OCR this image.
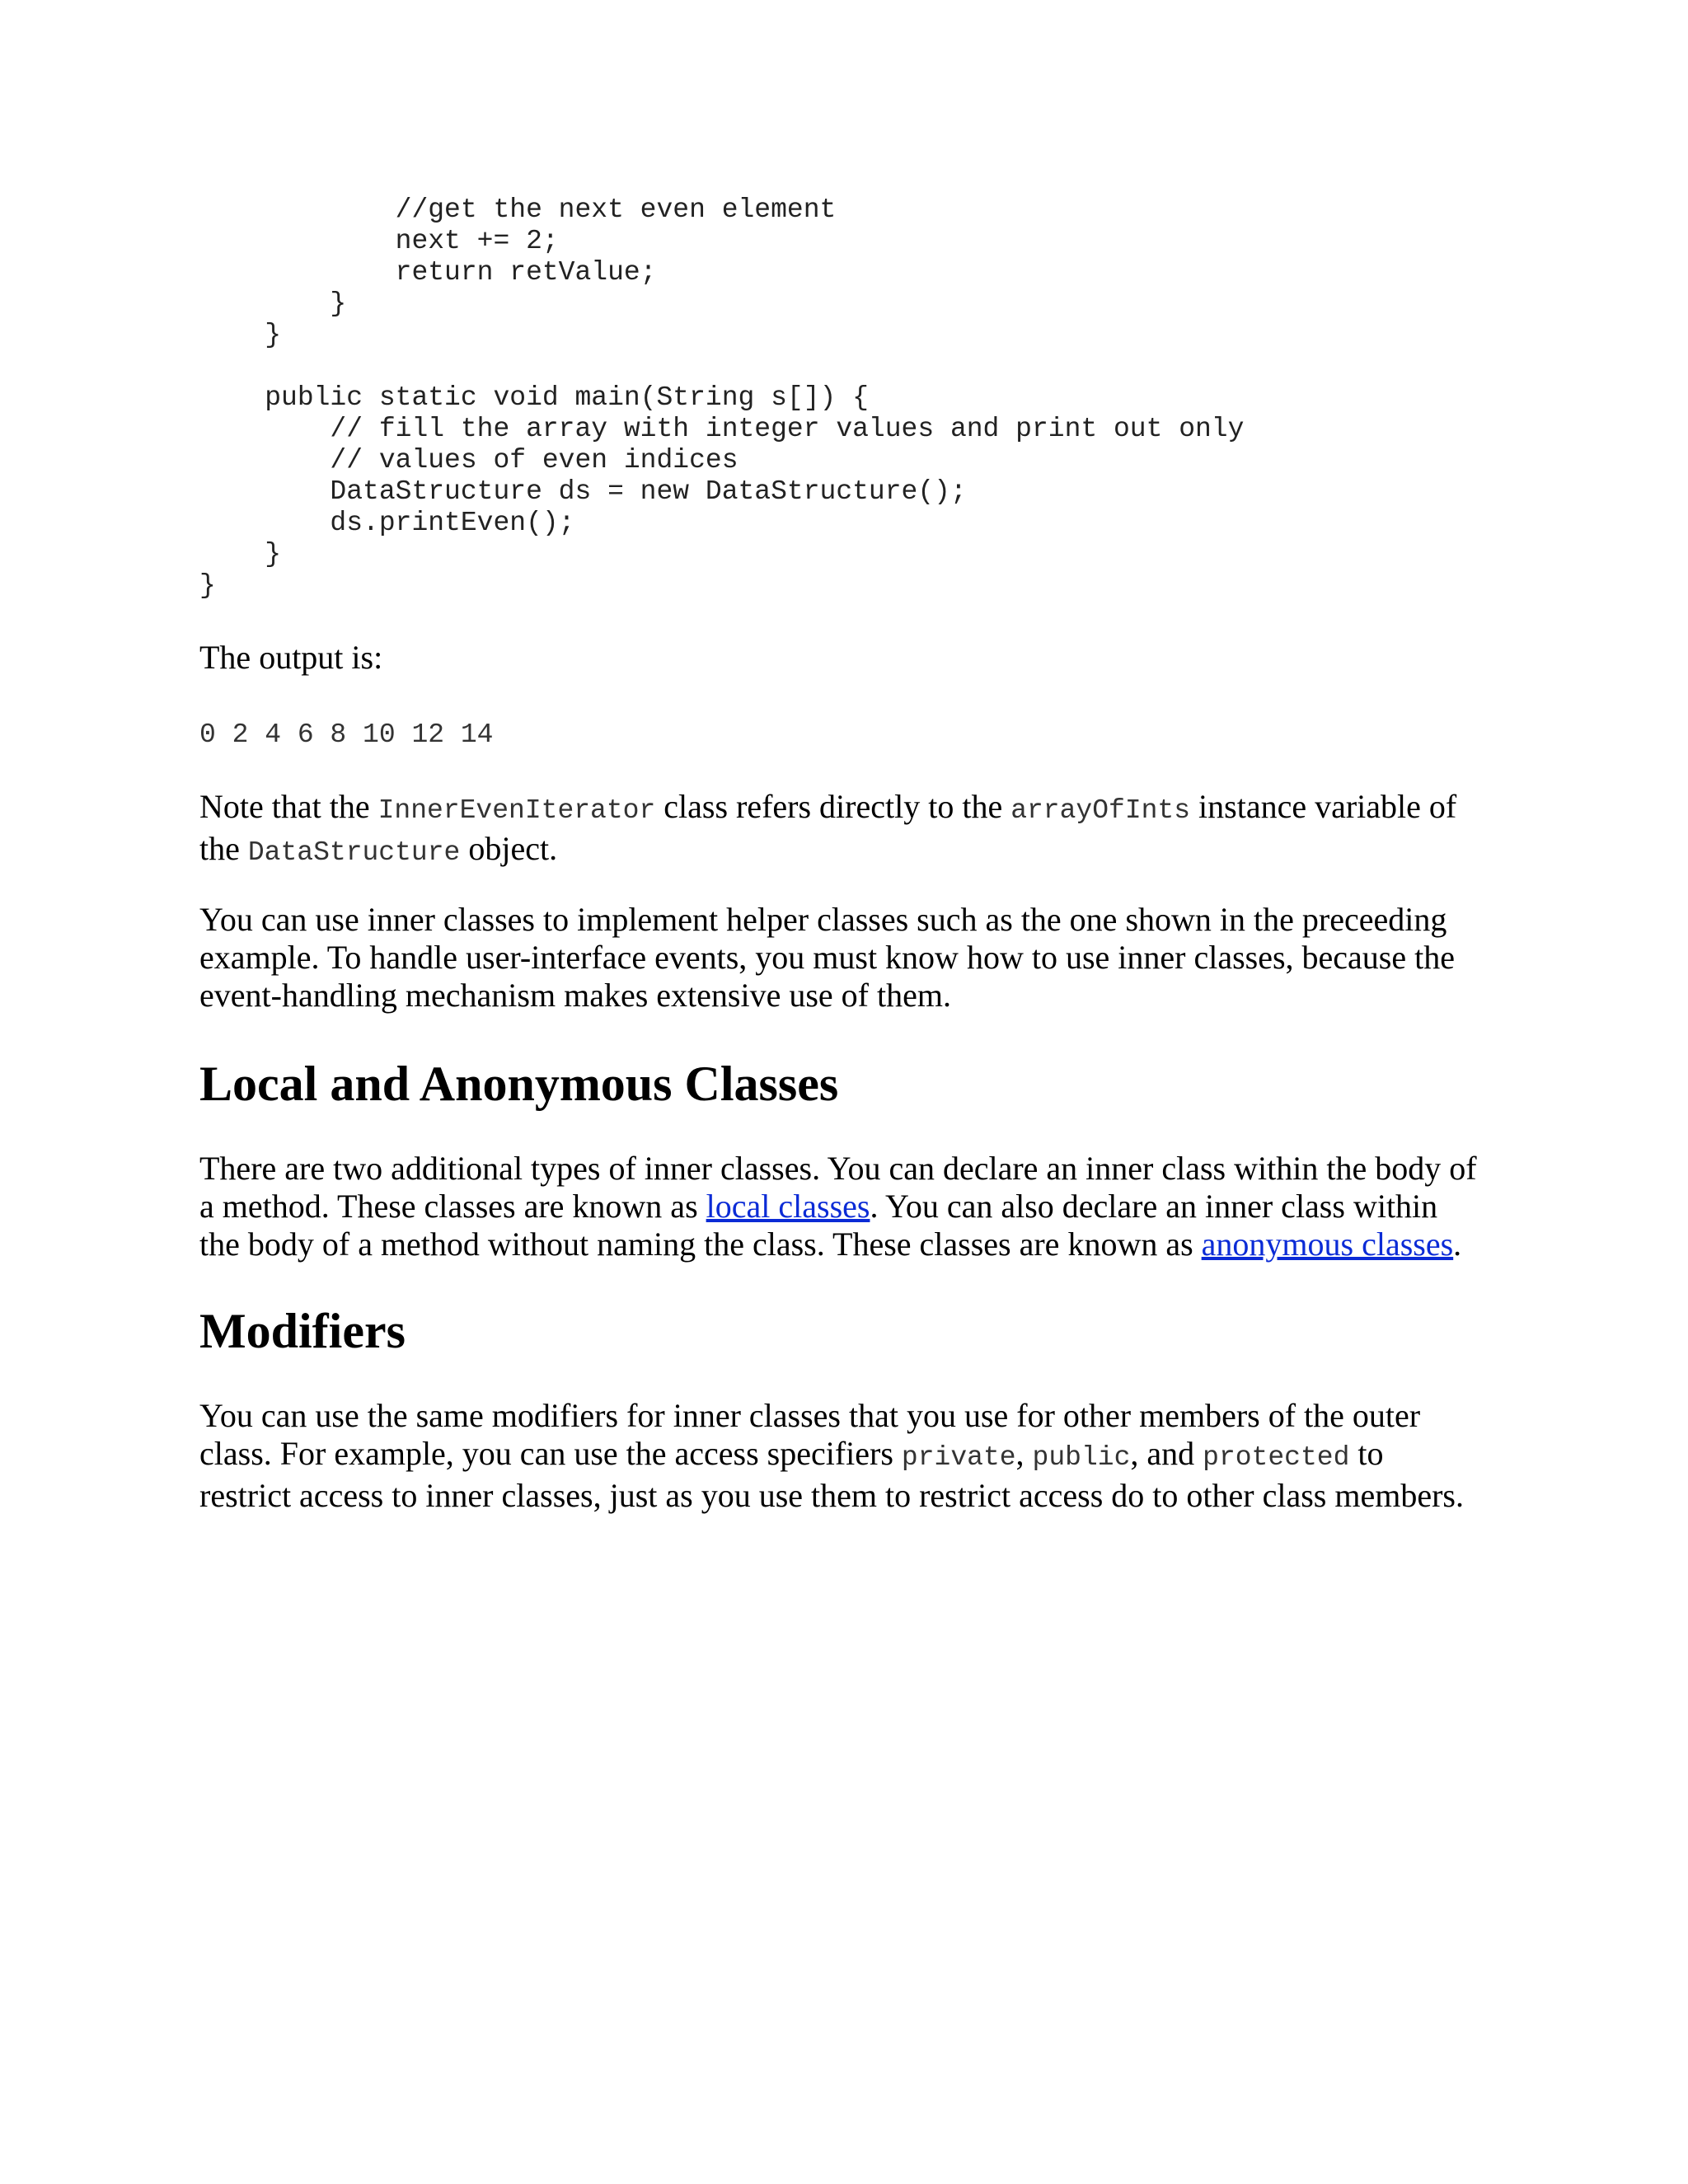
//get the next even element
next += 2;
return retValue;
}
}
public static void main(String s[]) {
// fill the array with integer values and print out only
// values of even indices
DataStructure ds = new DataStructure();
ds.printEven();
}
}

The output is:

0 2 4 6 8 10 12 14
Note that the InnerEvenIterator class refers directly to the arrayOfInts instance variable of
the DataStructure object.
You can use inner classes to implement helper classes such as the one shown in the preceeding
example. To handle user-interface events, you must know how to use inner classes, because the
event-handling mechanism makes extensive use of them.
Local and Anonymous Classes
There are two additional types of inner classes. You can declare an inner class within the body of
a method. These classes are known as local classes. You can also declare an inner class within
the body of a method without naming the class. These classes are known as anonymous classes.
Modifiers
You can use the same modifiers for inner classes that you use for other members of the outer
class. For example, you can use the access specifiers private, public, and protected to
restrict access to inner classes, just as you use them to restrict access do to other class members.
